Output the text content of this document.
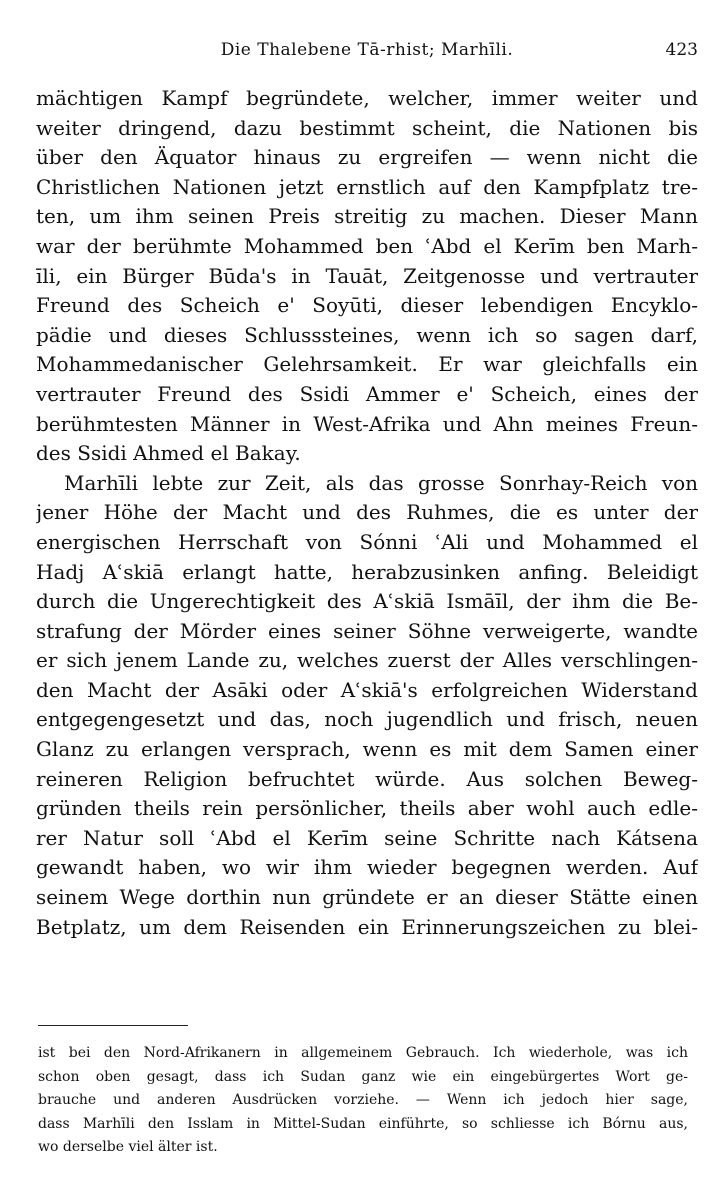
Die Thalebene Tā-rhist; Marhīli.	423
mächtigen Kampf begründete, welcher, immer weiter und
weiter dringend, dazu bestimmt scheint, die Nationen bis
über den Äquator hinaus zu ergreifen — wenn nicht die
Christlichen Nationen jetzt ernstlich auf den Kampfplatz tre-
ten, um ihm seinen Preis streitig zu machen. Dieser Mann
war der berühmte Mohammed ben ʿAbd el Kerīm ben Marh-
īli, ein Bürger Būda's in Tauāt, Zeitgenosse und vertrauter
Freund des Scheich e' Soyūti, dieser lebendigen Encyklo-
pädie und dieses Schlusssteines, wenn ich so sagen darf,
Mohammedanischer Gelehrsamkeit. Er war gleichfalls ein
vertrauter Freund des Ssidi Ammer e' Scheich, eines der
berühmtesten Männer in West-Afrika und Ahn meines Freun-
des Ssidi Ahmed el Bakay.
Marhīli lebte zur Zeit, als das grosse Sonrhay-Reich von
jener Höhe der Macht und des Ruhmes, die es unter der
energischen Herrschaft von Sónni ʿAli und Mohammed el
Hadj Aʿskiā erlangt hatte, herabzusinken anfing. Beleidigt
durch die Ungerechtigkeit des Aʿskiā Ismāīl, der ihm die Be-
strafung der Mörder eines seiner Söhne verweigerte, wandte
er sich jenem Lande zu, welches zuerst der Alles verschlingen-
den Macht der Asāki oder Aʿskiā's erfolgreichen Widerstand
entgegengesetzt und das, noch jugendlich und frisch, neuen
Glanz zu erlangen versprach, wenn es mit dem Samen einer
reineren Religion befruchtet würde. Aus solchen Beweg-
gründen theils rein persönlicher, theils aber wohl auch edle-
rer Natur soll ʿAbd el Kerīm seine Schritte nach Kátsena
gewandt haben, wo wir ihm wieder begegnen werden. Auf
seinem Wege dorthin nun gründete er an dieser Stätte einen
Betplatz, um dem Reisenden ein Erinnerungszeichen zu blei-
ist bei den Nord-Afrikanern in allgemeinem Gebrauch. Ich wiederhole, was ich
schon oben gesagt, dass ich Sudan ganz wie ein eingebürgertes Wort ge-
brauche und anderen Ausdrücken vorziehe. — Wenn ich jedoch hier sage,
dass Marhīli den Isslam in Mittel-Sudan einführte, so schliesse ich Bórnu aus,
wo derselbe viel älter ist.
